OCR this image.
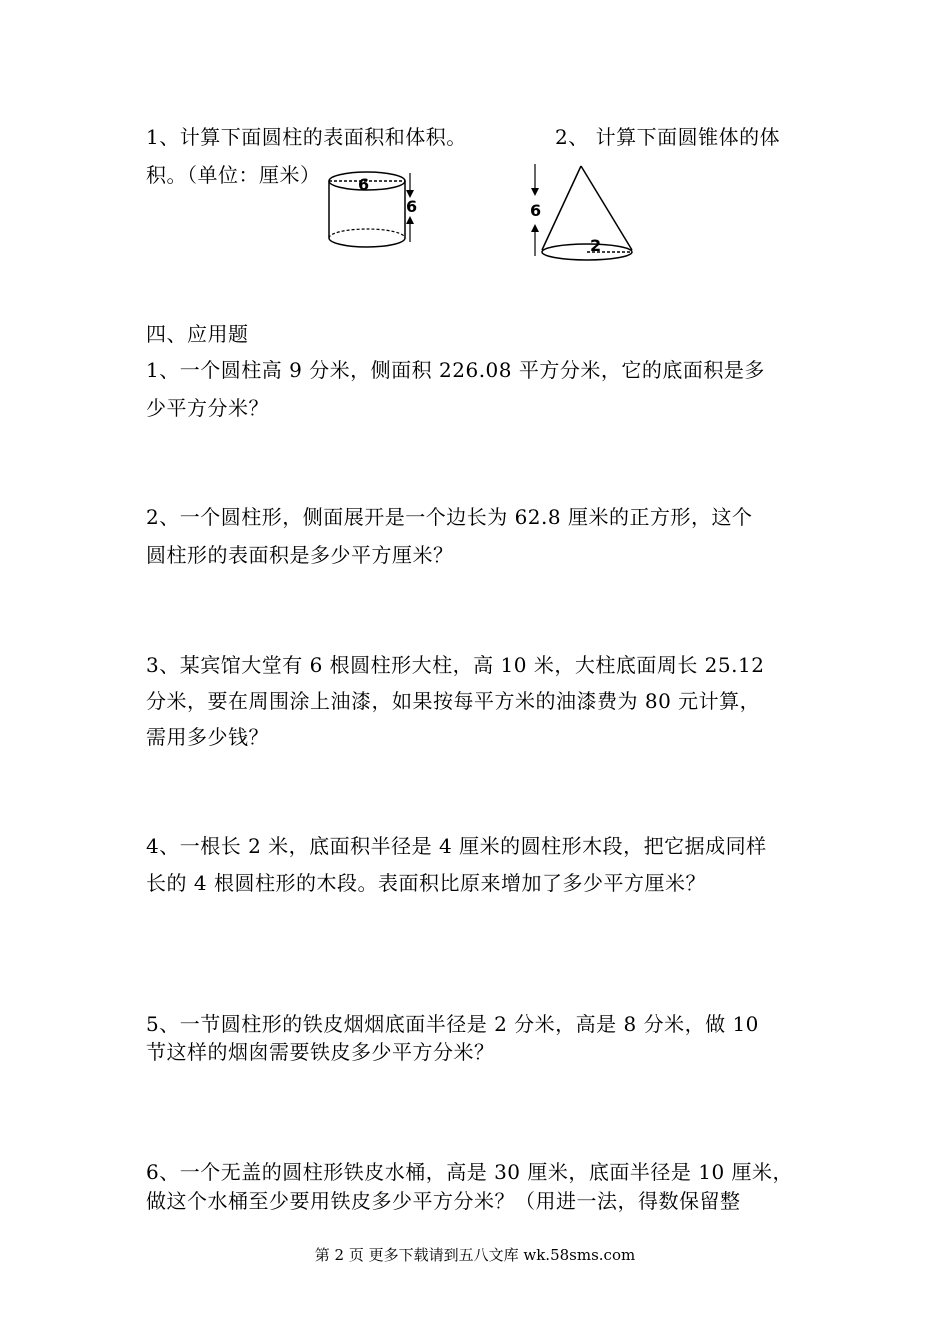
1、计算下面圆柱的表面积和体积。
积。（单位：厘米）
2、 计算下面圆锥体的体
6
6
2
6
四、应用题
1、一个圆柱高 9 分米，侧面积 226.08 平方分米，它的底面积是多
少平方分米？
2、一个圆柱形，侧面展开是一个边长为 62.8 厘米的正方形，这个
圆柱形的表面积是多少平方厘米？
3、某宾馆大堂有 6 根圆柱形大柱，高 10 米，大柱底面周长 25.12
分米，要在周围涂上油漆，如果按每平方米的油漆费为 80 元计算，
需用多少钱？
4、一根长 2 米，底面积半径是 4 厘米的圆柱形木段，把它据成同样
长的 4 根圆柱形的木段。表面积比原来增加了多少平方厘米？
5、一节圆柱形的铁皮烟烟底面半径是 2 分米，高是 8 分米，做 10
节这样的烟囱需要铁皮多少平方分米？
6、一个无盖的圆柱形铁皮水桶，高是 30 厘米，底面半径是 10 厘米，
做这个水桶至少要用铁皮多少平方分米？（用进一法，得数保留整
第 2 页 更多下载请到五八文库 wk.58sms.com
